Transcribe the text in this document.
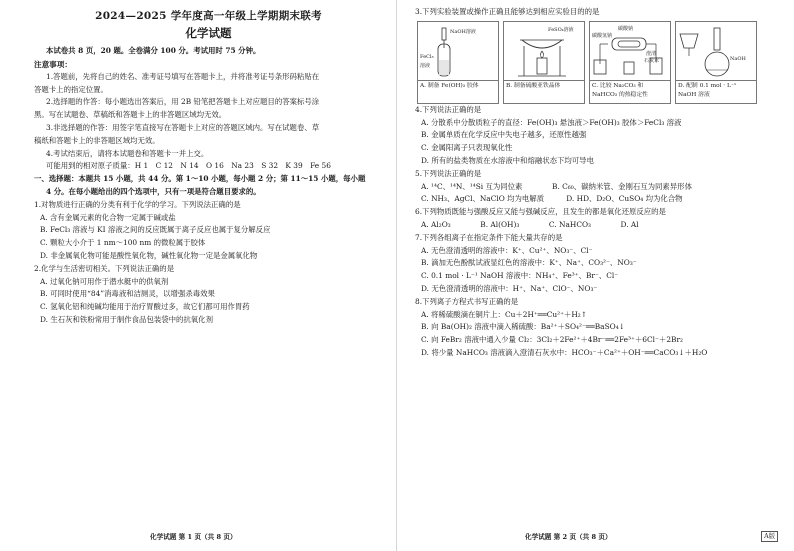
2024—2025 学年度高一年级上学期期末联考
化学试题
本试卷共 8 页，20 题。全卷满分 100 分。考试用时 75 分钟。
注意事项：
1.答题前，先将自己的姓名、准考证号填写在答题卡上，并将准考证号条形码粘贴在
答题卡上的指定位置。
2.选择题的作答：每小题选出答案后，用 2B 铅笔把答题卡上对应题目的答案标号涂
黑。写在试题卷、草稿纸和答题卡上的非答题区域均无效。
3.非选择题的作答：用签字笔直接写在答题卡上对应的答题区域内。写在试题卷、草
稿纸和答题卡上的非答题区域均无效。
4.考试结束后，请将本试题卷和答题卡一并上交。
可能用到的相对原子质量：H 1　C 12　N 14　O 16　Na 23　S 32　K 39　Fe 56
一、选择题：本题共 15 小题，共 44 分。第 1～10 小题，每小题 2 分；第 11～15 小题，每小题
4 分。在每小题给出的四个选项中，只有一项是符合题目要求的。
1.对物质进行正确的分类有利于化学的学习。下列说法正确的是
A. 含有金属元素的化合物一定属于碱或盐
B. FeCl₃ 溶液与 KI 溶液之间的反应既属于离子反应也属于复分解反应
C. 颗粒大小介于 1 nm～100 nm 的微粒属于胶体
D. 非金属氧化物可能是酸性氧化物，碱性氧化物一定是金属氧化物
2.化学与生活密切相关。下列说法正确的是
A. 过氧化钠可用作于潜水艇中的供氧剂
B. 可同时使用“84”消毒液和洁厕灵，以增强杀毒效果
C. 氢氧化铝和纯碱均能用于治疗胃酸过多，故它们都可用作胃药
D. 生石灰和铁粉常用于制作食品包装袋中的抗氧化剂
化学试题 第 1 页（共 8 页）
3.下列实验装置或操作正确且能够达到相应实验目的的是
NaOH溶液
FeCl₃
溶液
A. 制备 Fe(OH)₃ 胶体
FeSO₄溶液
B. 制备硫酸亚铁晶体
碳酸钠
碳酸氢钠
澄清
石灰水
C. 比较 Na₂CO₃ 和 NaHCO₃ 的热稳定性
NaOH
D. 配制 0.1 mol · L⁻¹ NaOH 溶液
4.下列说法正确的是
A. 分散系中分散质粒子的直径：Fe(OH)₃ 悬浊液＞Fe(OH)₃ 胶体＞FeCl₃ 溶液
B. 金属单质在化学反应中失电子越多，还原性越强
C. 金属阳离子只表现氧化性
D. 所有的盐类物质在水溶液中和熔融状态下均可导电
5.下列说法正确的是
A. ¹⁴C、¹⁴N、¹⁴Si 互为同位素　　　　B. C₆₀、碳纳米管、金刚石互为同素异形体
C. NH₃、AgCl、NaClO 均为电解质　　　D. HD、D₂O、CuSO₄ 均为化合物
6.下列物质既能与强酸反应又能与强碱反应，且发生的都是氧化还原反应的是
A. Al₂O₃　　　　B. Al(OH)₃　　　　C. NaHCO₃　　　　D. Al
7.下列各组离子在指定条件下能大量共存的是
A. 无色澄清透明的溶液中：K⁺、Cu²⁺、NO₃⁻、Cl⁻
B. 滴加无色酚酞试液显红色的溶液中：K⁺、Na⁺、CO₃²⁻、NO₃⁻
C. 0.1 mol · L⁻¹ NaOH 溶液中：NH₄⁺、Fe³⁺、Br⁻、Cl⁻
D. 无色澄清透明的溶液中：H⁺、Na⁺、ClO⁻、NO₃⁻
8.下列离子方程式书写正确的是
A. 将稀硫酸滴在铜片上：Cu＋2H⁺══Cu²⁺＋H₂↑
B. 向 Ba(OH)₂ 溶液中滴入稀硫酸：Ba²⁺＋SO₄²⁻══BaSO₄↓
C. 向 FeBr₂ 溶液中通入少量 Cl₂：3Cl₂＋2Fe²⁺＋4Br⁻══2Fe³⁺＋6Cl⁻＋2Br₂
D. 将少量 NaHCO₃ 溶液滴入澄清石灰水中：HCO₃⁻＋Ca²⁺＋OH⁻══CaCO₃↓＋H₂O
化学试题 第 2 页（共 8 页）	A版
